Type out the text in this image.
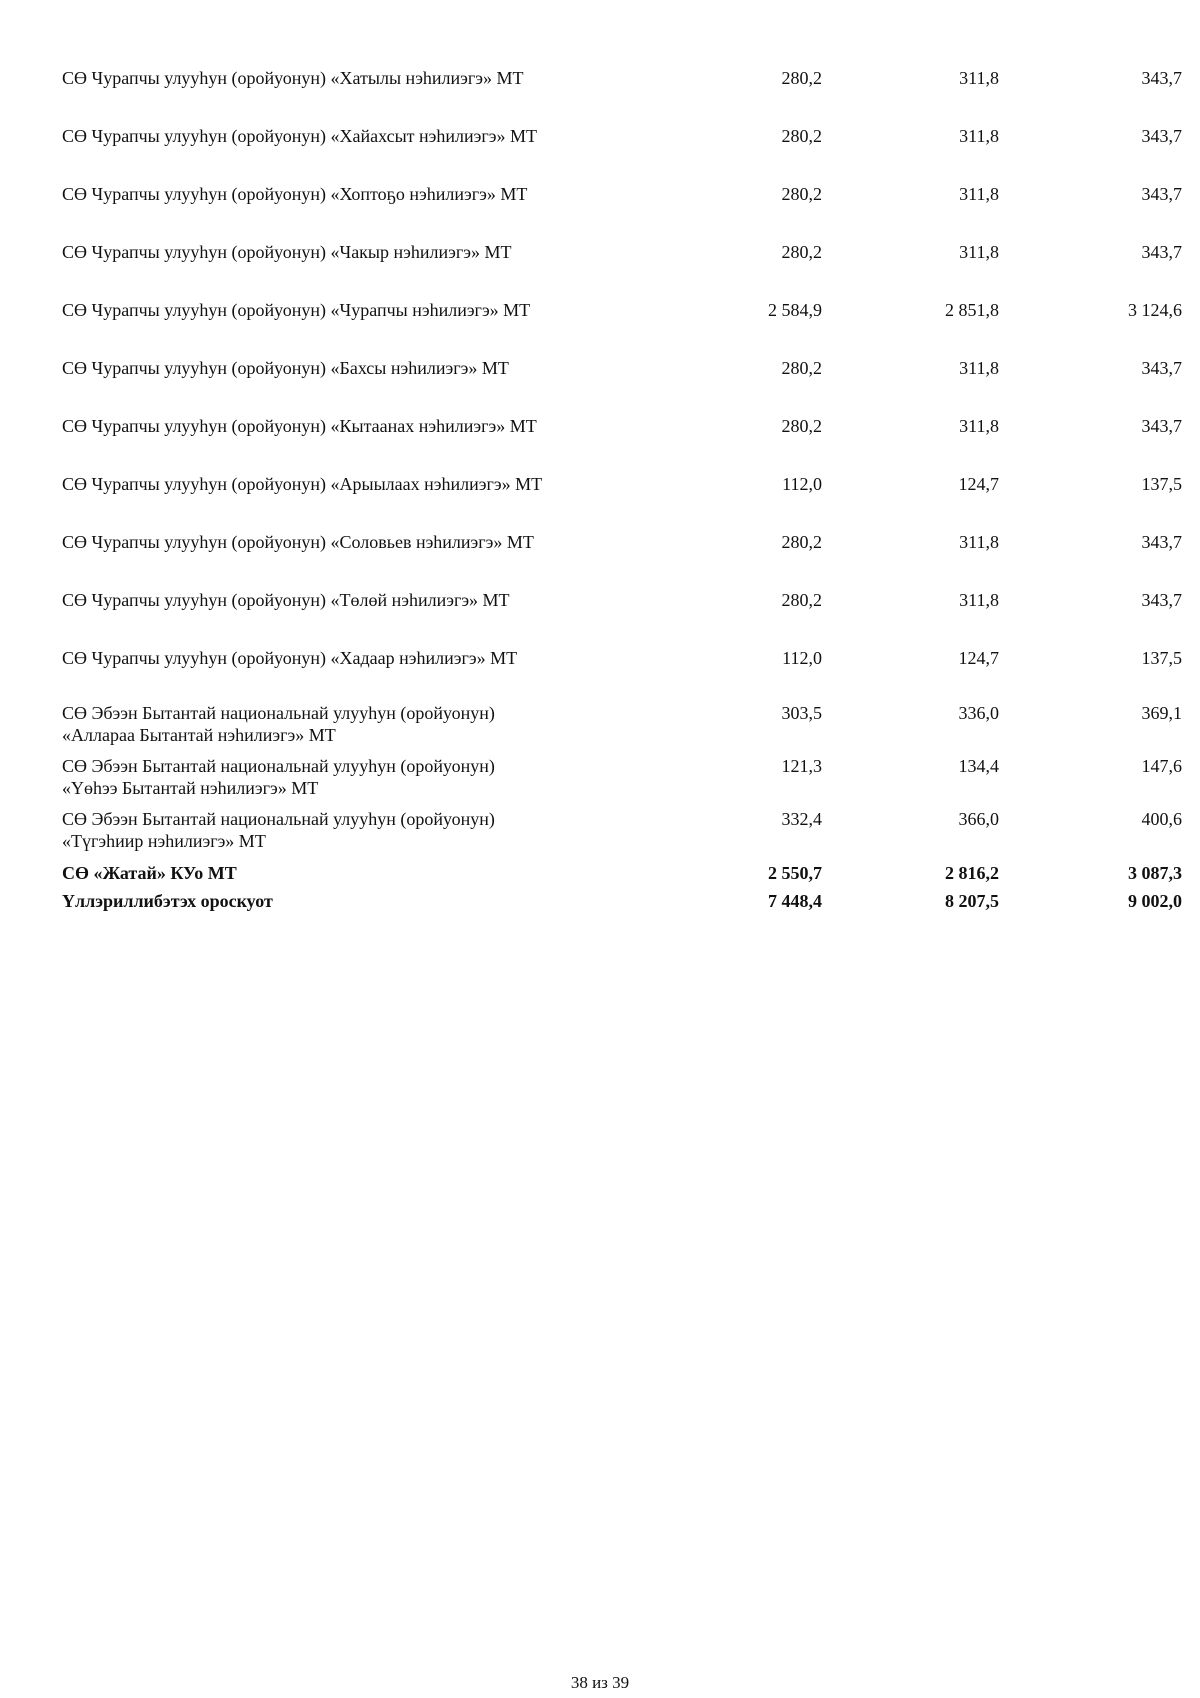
СӨ Чурапчы улууһун (оройуонун) «Хатылы нэһилиэгэ» МТ	280,2	311,8	343,7
СӨ Чурапчы улууһун (оройуонун) «Хайахсыт нэһилиэгэ» МТ	280,2	311,8	343,7
СӨ Чурапчы улууһун (оройуонун) «Хоптоҕо нэһилиэгэ» МТ	280,2	311,8	343,7
СӨ Чурапчы улууһун (оройуонун) «Чакыр нэһилиэгэ» МТ	280,2	311,8	343,7
СӨ Чурапчы улууһун (оройуонун) «Чурапчы нэһилиэгэ» МТ	2 584,9	2 851,8	3 124,6
СӨ Чурапчы улууһун (оройуонун) «Бахсы нэһилиэгэ» МТ	280,2	311,8	343,7
СӨ Чурапчы улууһун (оройуонун) «Кытаанах нэһилиэгэ» МТ	280,2	311,8	343,7
СӨ Чурапчы улууһун (оройуонун) «Арыылаах нэһилиэгэ» МТ	112,0	124,7	137,5
СӨ Чурапчы улууһун (оройуонун) «Соловьев нэһилиэгэ» МТ	280,2	311,8	343,7
СӨ Чурапчы улууһун (оройуонун) «Төлөй нэһилиэгэ» МТ	280,2	311,8	343,7
СӨ Чурапчы улууһун (оройуонун) «Хадаар нэһилиэгэ» МТ	112,0	124,7	137,5

СӨ Эбээн Бытантай национальнай улууһун (оройуонун)
«Аллараа Бытантай нэһилиэгэ» МТ	303,5	336,0	369,1

СӨ Эбээн Бытантай национальнай улууһун (оройуонун)
«Үөһээ Бытантай нэһилиэгэ» МТ	121,3	134,4	147,6

СӨ Эбээн Бытантай национальнай улууһун (оройуонун)
«Түгэһиир нэһилиэгэ» МТ	332,4	366,0	400,6
СӨ «Жатай» КУо МТ	2 550,7	2 816,2	3 087,3
Үллэриллибэтэх ороскуот	7 448,4	8 207,5	9 002,0
38 из 39
